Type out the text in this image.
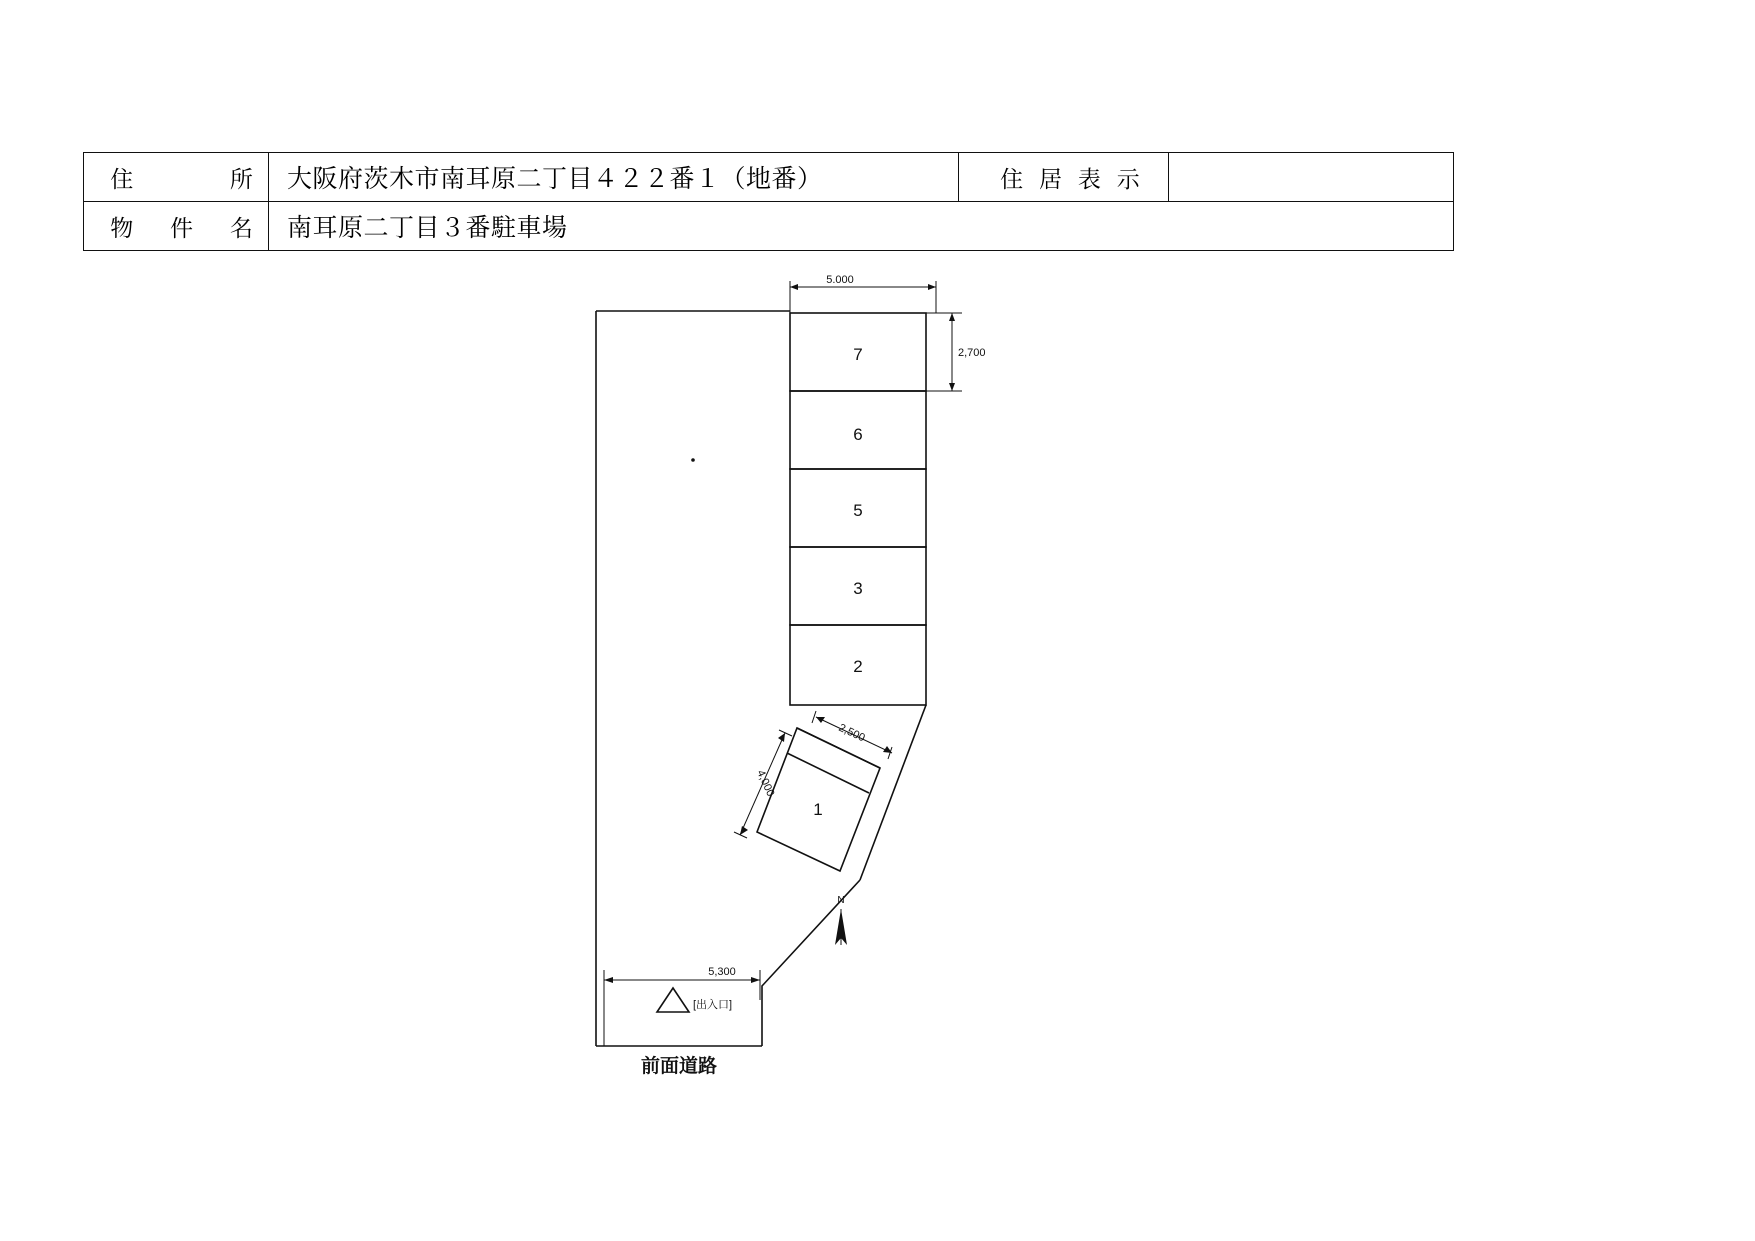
住　　　所	大阪府茨木市南耳原二丁目４２２番１（地番）	住 居 表 示	
物　件　名	南耳原二丁目３番駐車場		
7
6
5
3
2
5.000
2,700
1
2,500
4,000
N
5,300
[出入口]
前面道路
